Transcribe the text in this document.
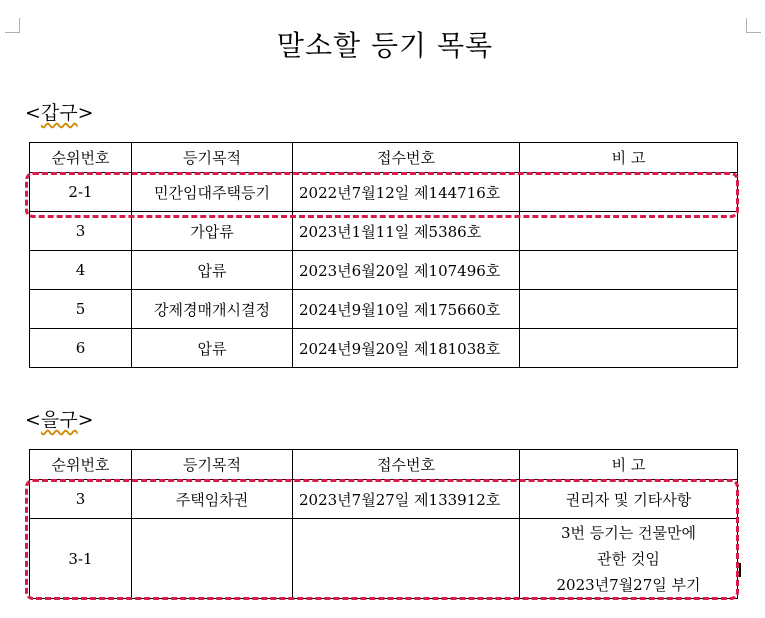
말소할 등기 목록
<갑구>
순위번호	등기목적	접수번호	비 고
2-1	민간임대주택등기	2022년7월12일 제144716호	
3	가압류	2023년1월11일 제5386호	
4	압류	2023년6월20일 제107496호	
5	강제경매개시결정	2024년9월10일 제175660호	
6	압류	2024년9월20일 제181038호	
<을구>
순위번호	등기목적	접수번호	비 고
3	주택임차권	2023년7월27일 제133912호	권리자 및 기타사항
3-1			3번 등기는 건물만에
관한 것임
2023년7월27일 부기
